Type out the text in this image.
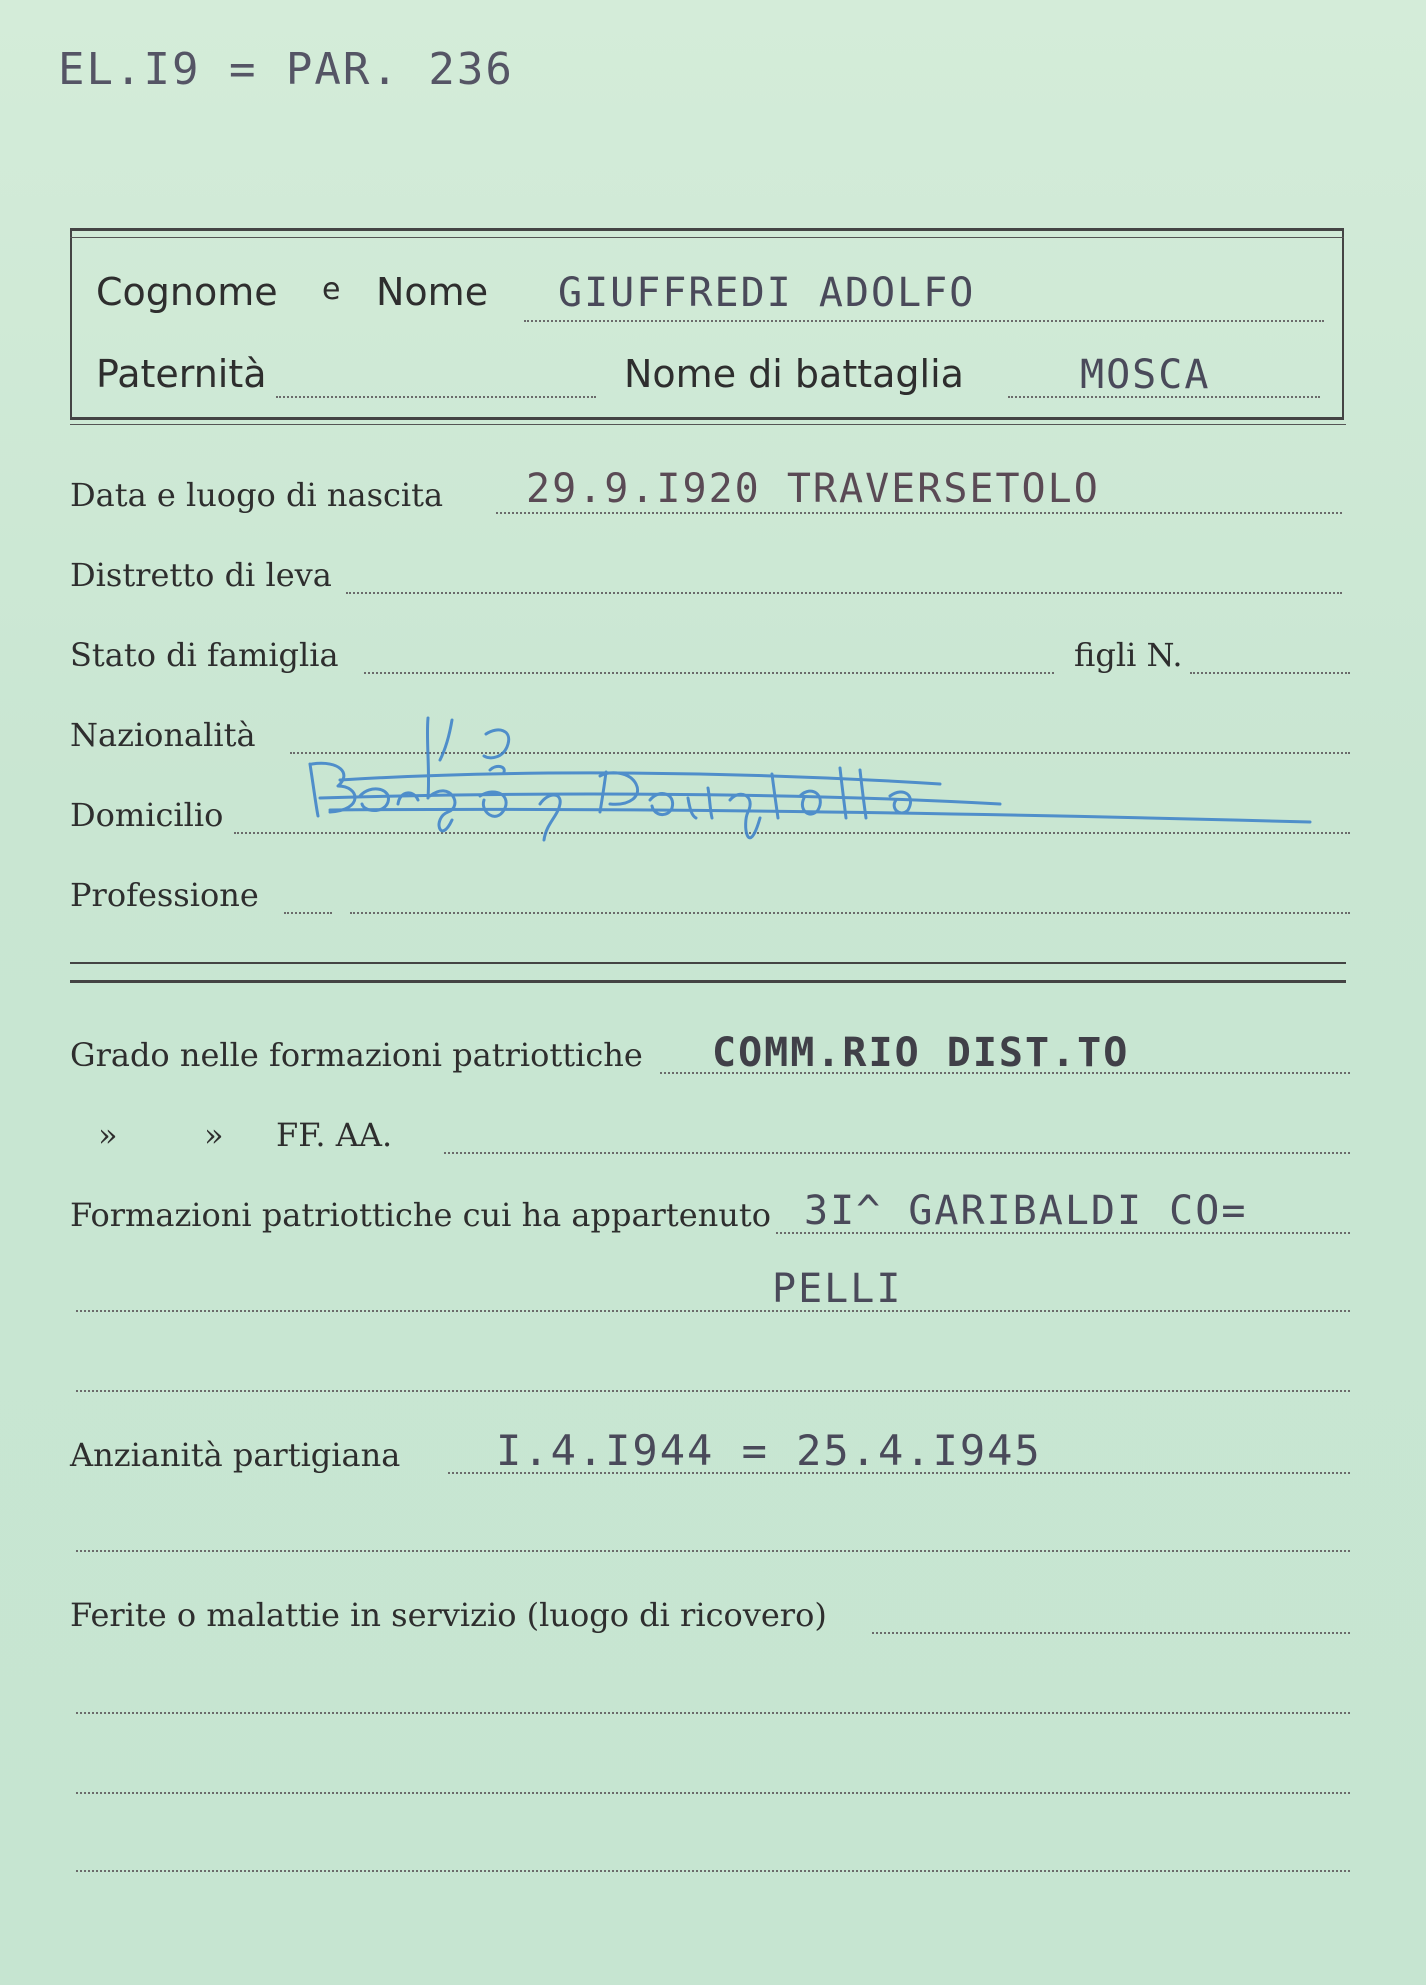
EL.I9 = PAR. 236
Cognome e Nome GIUFFREDI ADOLFO
Paternità	Nome di battaglia	MOSCA
Data e luogo di nascita 29.9.I920 TRAVERSETOLO
Distretto di leva
Stato di famiglia	figli N.
Nazionalità
Domicilio
Professione
Grado nelle formazioni patriottiche COMM.RIO DIST.TO
»	» FF. AA.
Formazioni patriottiche cui ha appartenuto 3I^ GARIBALDI CO=
PELLI
Anzianità partigiana I.4.I944 = 25.4.I945
Ferite o malattie in servizio (luogo di ricovero)
